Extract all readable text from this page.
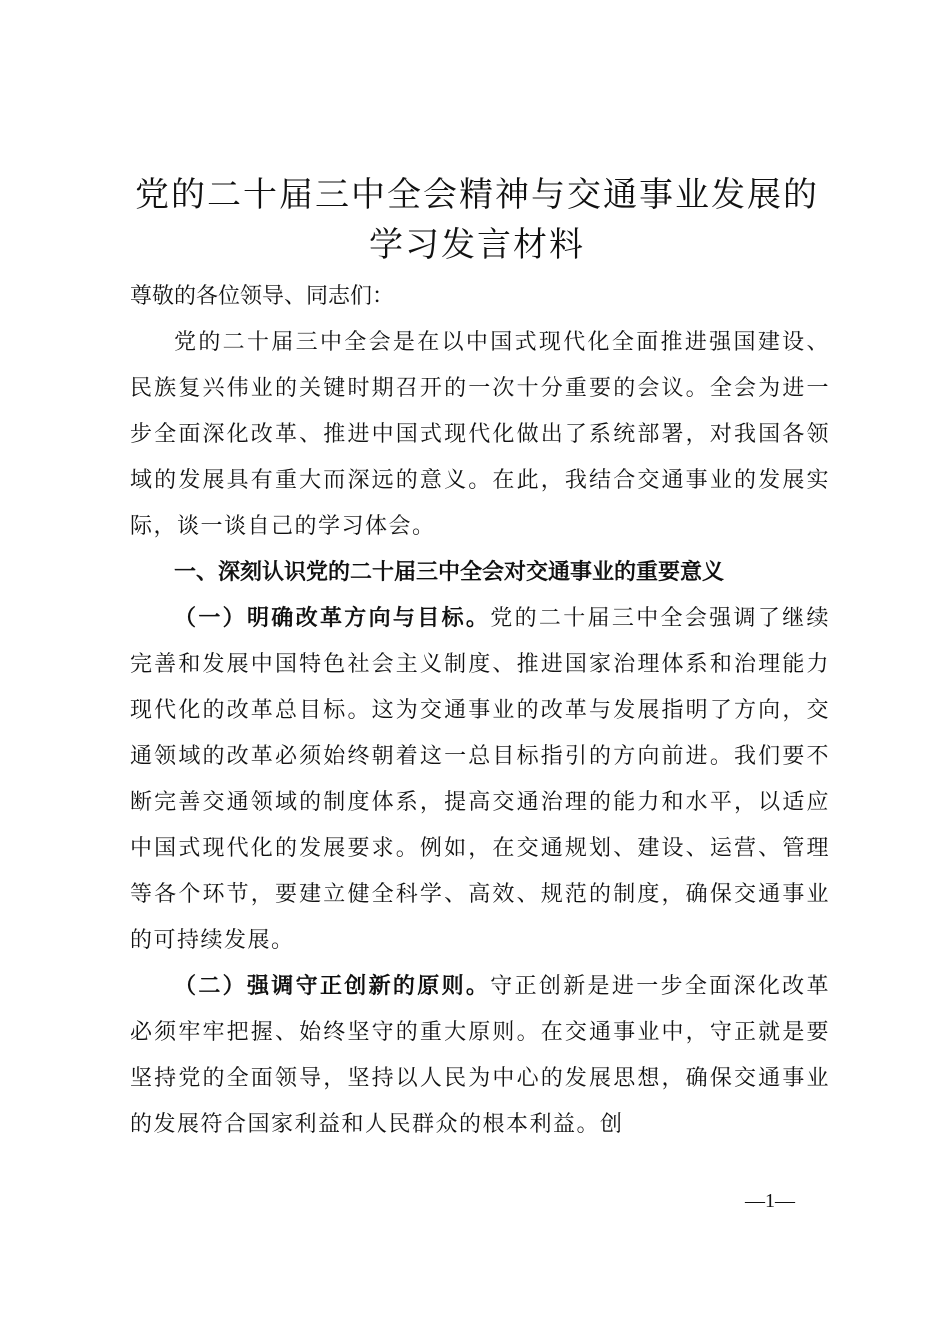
党的二十届三中全会精神与交通事业发展的学习发言材料

尊敬的各位领导、同志们：

党的二十届三中全会是在以中国式现代化全面推进强国建设、民族复兴伟业的关键时期召开的一次十分重要的会议。全会为进一步全面深化改革、推进中国式现代化做出了系统部署，对我国各领域的发展具有重大而深远的意义。在此，我结合交通事业的发展实际，谈一谈自己的学习体会。

一、深刻认识党的二十届三中全会对交通事业的重要意义

（一）明确改革方向与目标。党的二十届三中全会强调了继续完善和发展中国特色社会主义制度、推进国家治理体系和治理能力现代化的改革总目标。这为交通事业的改革与发展指明了方向，交通领域的改革必须始终朝着这一总目标指引的方向前进。我们要不断完善交通领域的制度体系，提高交通治理的能力和水平，以适应中国式现代化的发展要求。例如，在交通规划、建设、运营、管理等各个环节，要建立健全科学、高效、规范的制度，确保交通事业的可持续发展。

（二）强调守正创新的原则。守正创新是进一步全面深化改革必须牢牢把握、始终坚守的重大原则。在交通事业中，守正就是要坚持党的全面领导，坚持以人民为中心的发展思想，确保交通事业的发展符合国家利益和人民群众的根本利益。创

—1—
